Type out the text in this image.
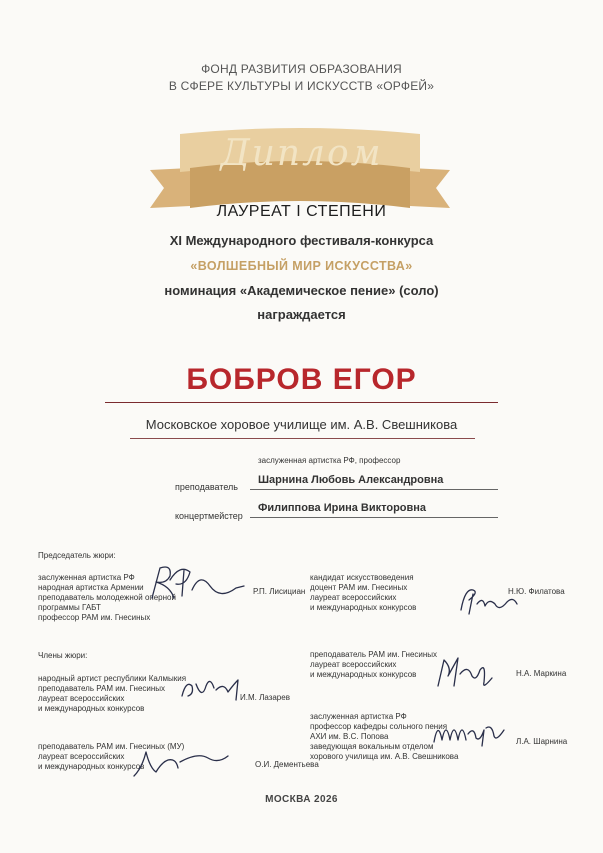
ФОНД РАЗВИТИЯ ОБРАЗОВАНИЯ
В СФЕРЕ КУЛЬТУРЫ И ИСКУССТВ «ОРФЕЙ»
Диплом
ЛАУРЕАТ I СТЕПЕНИ
XI Международного фестиваля-конкурса
«ВОЛШЕБНЫЙ МИР ИСКУССТВА»
номинация «Академическое пение» (соло)
награждается
БОБРОВ ЕГОР
Московское хоровое училище им. А.В. Свешникова
заслуженная артистка РФ, профессор
преподаватель
Шарнина Любовь Александровна
концертмейстер
Филиппова Ирина Викторовна
Председатель жюри:
заслуженная артистка РФ
народная артистка Армении
преподаватель молодежной оперной
программы ГАБТ
профессор РАМ им. Гнесиных
Р.П. Лисициан
кандидат искусствоведения
доцент РАМ им. Гнесиных
лауреат всероссийских
и международных конкурсов
Н.Ю. Филатова
Члены жюри:
народный артист республики Калмыкия
преподаватель РАМ им. Гнесиных
лауреат всероссийских
и международных конкурсов
И.М. Лазарев
преподаватель РАМ им. Гнесиных
лауреат всероссийских
и международных конкурсов	Н.А. Маркина
заслуженная артистка РФ
профессор кафедры сольного пения
АХИ им. В.С. Попова
заведующая вокальным отделом
хорового училища им. А.В. Свешникова
Л.А. Шарнина
преподаватель РАМ им. Гнесиных (МУ)
лауреат всероссийских
и международных конкурсов	О.И. Дементьева
МОСКВА 2026
